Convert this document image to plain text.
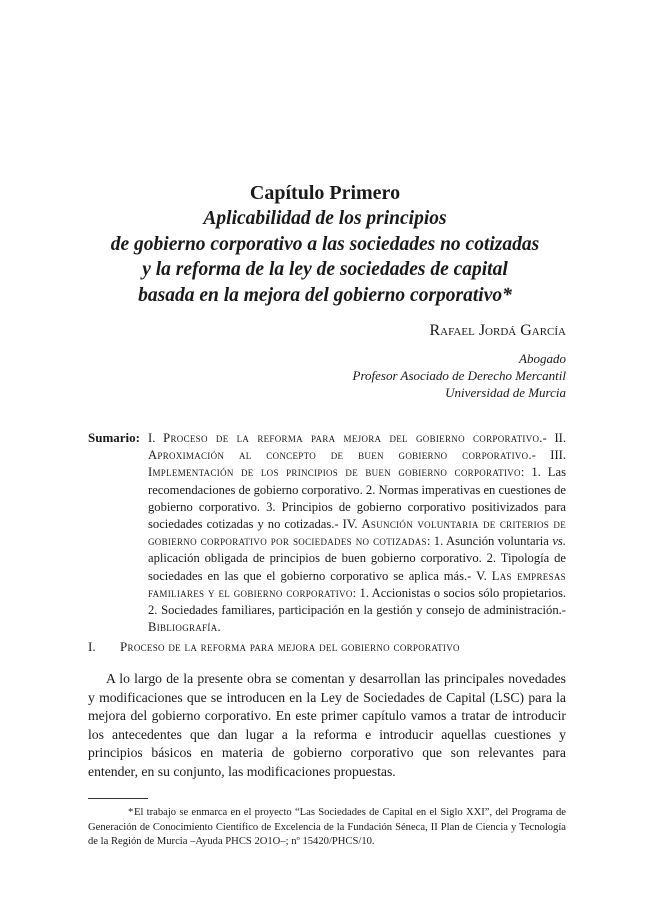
Capítulo Primero
Aplicabilidad de los principios
de gobierno corporativo a las sociedades no cotizadas
y la reforma de la ley de sociedades de capital
basada en la mejora del gobierno corporativo*
Rafael Jordá García
Abogado
Profesor Asociado de Derecho Mercantil
Universidad de Murcia
Sumario: I. Proceso de la reforma para mejora del gobierno corporativo.- II. Aproximación al concepto de buen gobierno corporativo.- III. Implementación de los principios de buen gobierno corporativo: 1. Las recomendaciones de gobierno corporativo. 2. Normas imperativas en cuestiones de gobierno corporativo. 3. Principios de gobierno corporativo positivizados para sociedades cotizadas y no cotizadas.- IV. Asunción voluntaria de criterios de gobierno corporativo por sociedades no cotizadas: 1. Asunción voluntaria vs. aplicación obligada de principios de buen gobierno corporativo. 2. Tipología de sociedades en las que el gobierno corporativo se aplica más.- V. Las empresas familiares y el gobierno corporativo: 1. Accionistas o socios sólo propietarios. 2. Sociedades familiares, participación en la gestión y consejo de administración.- Bibliografía.

I. Proceso de la reforma para mejora del gobierno corporativo

A lo largo de la presente obra se comentan y desarrollan las principales novedades y modificaciones que se introducen en la Ley de Sociedades de Capital (LSC) para la mejora del gobierno corporativo. En este primer capítulo vamos a tratar de introducir los antecedentes que dan lugar a la reforma e introducir aquellas cuestiones y principios básicos en materia de gobierno corporativo que son relevantes para entender, en su conjunto, las modificaciones propuestas.

*El trabajo se enmarca en el proyecto “Las Sociedades de Capital en el Siglo XXI”, del Programa de Generación de Conocimiento Científico de Excelencia de la Fundación Séneca, II Plan de Ciencia y Tecnología de la Región de Murcia –Ayuda PHCS 2O1O–; nº 15420/PHCS/10.
